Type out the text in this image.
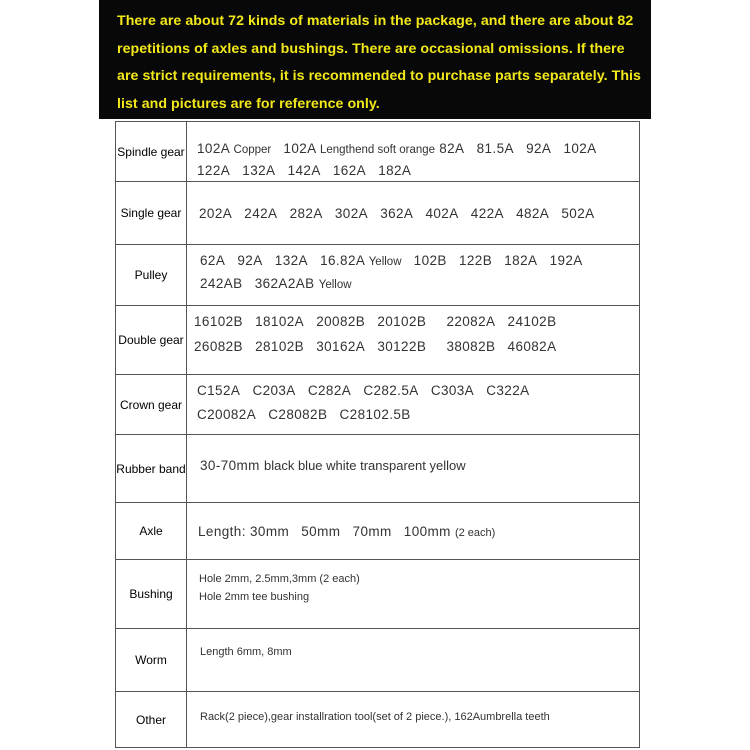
There are about 72 kinds of materials in the package, and there are about 82 repetitions of axles and bushings. There are occasional omissions. If there are strict requirements, it is recommended to purchase parts separately. This list and pictures are for reference only.
Spindle gear	102A Copper 102A Lengthend soft orange 82A 81.5A 92A 102A
122A 132A 142A 162A 182A

Single gear	202A 242A 282A 302A 362A 402A 422A 482A 502A

Pulley	62A 92A 132A 16.82A Yellow 102B 122B 182A 192A
242AB 362A2AB Yellow

Double gear	16102B 18102A 20082B 20102B 22082A 24102B
26082B 28102B 30162A 30122B 38082B 46082A

Crown gear	C152A C203A C282A C282.5A C303A C322A
C20082A C28082B C28102.5B

Rubber band	30-70mm black blue white transparent yellow

Axle	Length: 30mm 50mm 70mm 100mm (2 each)

Bushing	Hole 2mm, 2.5mm,3mm (2 each)
Hole 2mm tee bushing

Worm	Length 6mm, 8mm

Other	Rack(2 piece),gear installration tool(set of 2 piece.), 162Aumbrella teeth
